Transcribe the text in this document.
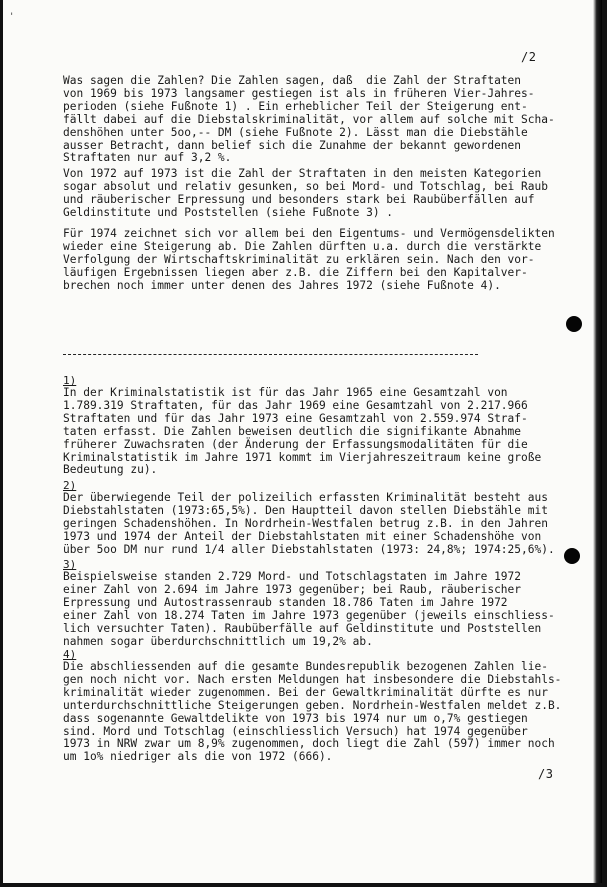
'
/2

Was sagen die Zahlen? Die Zahlen sagen, daß  die Zahl der Straftaten
von 1969 bis 1973 langsamer gestiegen ist als in früheren Vier-Jahres-
perioden (siehe Fußnote 1) . Ein erheblicher Teil der Steigerung ent-
fällt dabei auf die Diebstalskriminalität, vor allem auf solche mit Scha-
denshöhen unter 5oo,-- DM (siehe Fußnote 2). Lässt man die Diebstähle
ausser Betracht, dann belief sich die Zunahme der bekannt gewordenen
Straftaten nur auf 3,2 %.

Von 1972 auf 1973 ist die Zahl der Straftaten in den meisten Kategorien
sogar absolut und relativ gesunken, so bei Mord- und Totschlag, bei Raub
und räuberischer Erpressung und besonders stark bei Raubüberfällen auf
Geldinstitute und Poststellen (siehe Fußnote 3) .

Für 1974 zeichnet sich vor allem bei den Eigentums- und Vermögensdelikten
wieder eine Steigerung ab. Die Zahlen dürften u.a. durch die verstärkte
Verfolgung der Wirtschaftskriminalität zu erklären sein. Nach den vor-
läufigen Ergebnissen liegen aber z.B. die Ziffern bei den Kapitalver-
brechen noch immer unter denen des Jahres 1972 (siehe Fußnote 4).

1)

In der Kriminalstatistik ist für das Jahr 1965 eine Gesamtzahl von
1.789.319 Straftaten, für das Jahr 1969 eine Gesamtzahl von 2.217.966
Straftaten und für das Jahr 1973 eine Gesamtzahl von 2.559.974 Straf-
taten erfasst. Die Zahlen beweisen deutlich die signifikante Abnahme
früherer Zuwachsraten (der Änderung der Erfassungsmodalitäten für die
Kriminalstatistik im Jahre 1971 kommt im Vierjahreszeitraum keine große
Bedeutung zu).

2)

Der überwiegende Teil der polizeilich erfassten Kriminalität besteht aus
Diebstahlstaten (1973:65,5%). Den Hauptteil davon stellen Diebstähle mit
geringen Schadenshöhen. In Nordrhein-Westfalen betrug z.B. in den Jahren
1973 und 1974 der Anteil der Diebstahlstaten mit einer Schadenshöhe von
über 5oo DM nur rund 1/4 aller Diebstahlstaten (1973: 24,8%; 1974:25,6%).

3)

Beispielsweise standen 2.729 Mord- und Totschlagstaten im Jahre 1972
einer Zahl von 2.694 im Jahre 1973 gegenüber; bei Raub, räuberischer
Erpressung und Autostrassenraub standen 18.786 Taten im Jahre 1972
einer Zahl von 18.274 Taten im Jahre 1973 gegenüber (jeweils einschliess-
lich versuchter Taten). Raubüberfälle auf Geldinstitute und Poststellen
nahmen sogar überdurchschnittlich um 19,2% ab.

4)

Die abschliessenden auf die gesamte Bundesrepublik bezogenen Zahlen lie-
gen noch nicht vor. Nach ersten Meldungen hat insbesondere die Diebstahls-
kriminalität wieder zugenommen. Bei der Gewaltkriminalität dürfte es nur
unterdurchschnittliche Steigerungen geben. Nordrhein-Westfalen meldet z.B.
dass sogenannte Gewaltdelikte von 1973 bis 1974 nur um o,7% gestiegen
sind. Mord und Totschlag (einschliesslich Versuch) hat 1974 gegenüber
1973 in NRW zwar um 8,9% zugenommen, doch liegt die Zahl (597) immer noch
um 1o% niedriger als die von 1972 (666).

/3
